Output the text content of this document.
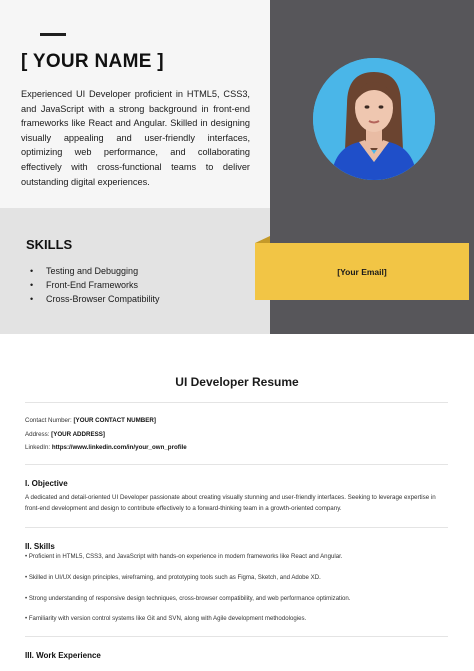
[ YOUR NAME ]

Experienced UI Developer proficient in HTML5, CSS3, and JavaScript with a strong background in front-end frameworks like React and Angular. Skilled in designing visually appealing and user-friendly interfaces, optimizing web performance, and collaborating effectively with cross-functional teams to deliver outstanding digital experiences.

SKILLS
• Testing and Debugging
• Front-End Frameworks
• Cross-Browser Compatibility
[Your Email]
UI Developer Resume
Contact Number: [YOUR CONTACT NUMBER]
Address: [YOUR ADDRESS]
LinkedIn: https://www.linkedin.com/in/your_own_profile
I. Objective

A dedicated and detail-oriented UI Developer passionate about creating visually stunning and user-friendly interfaces. Seeking to leverage expertise in front-end development and design to contribute effectively to a forward-thinking team in a growth-oriented company.

II. Skills
• Proficient in HTML5, CSS3, and JavaScript with hands-on experience in modern frameworks like React and Angular.
• Skilled in UI/UX design principles, wireframing, and prototyping tools such as Figma, Sketch, and Adobe XD.
• Strong understanding of responsive design techniques, cross-browser compatibility, and web performance optimization.
• Familiarity with version control systems like Git and SVN, along with Agile development methodologies.
III. Work Experience
